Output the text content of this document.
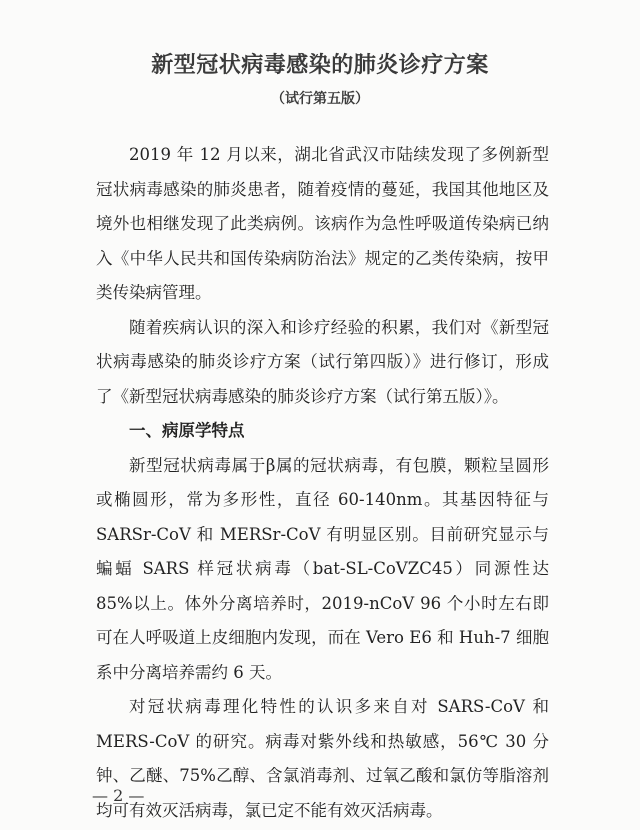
新型冠状病毒感染的肺炎诊疗方案
（试行第五版）

2019 年 12 月以来，湖北省武汉市陆续发现了多例新型冠状病毒感染的肺炎患者，随着疫情的蔓延，我国其他地区及境外也相继发现了此类病例。该病作为急性呼吸道传染病已纳入《中华人民共和国传染病防治法》规定的乙类传染病，按甲类传染病管理。

随着疾病认识的深入和诊疗经验的积累，我们对《新型冠状病毒感染的肺炎诊疗方案（试行第四版）》进行修订，形成了《新型冠状病毒感染的肺炎诊疗方案（试行第五版）》。

一、病原学特点

新型冠状病毒属于β属的冠状病毒，有包膜，颗粒呈圆形或椭圆形，常为多形性，直径 60-140nm。其基因特征与 SARSr-CoV 和 MERSr-CoV 有明显区别。目前研究显示与蝙蝠 SARS 样冠状病毒（bat-SL-CoVZC45）同源性达 85%以上。体外分离培养时，2019-nCoV 96 个小时左右即可在人呼吸道上皮细胞内发现，而在 Vero E6 和 Huh-7 细胞系中分离培养需约 6 天。

对冠状病毒理化特性的认识多来自对 SARS-CoV 和 MERS-CoV 的研究。病毒对紫外线和热敏感，56℃ 30 分钟、乙醚、75%乙醇、含氯消毒剂、过氧乙酸和氯仿等脂溶剂均可有效灭活病毒，氯已定不能有效灭活病毒。

— 2 —
